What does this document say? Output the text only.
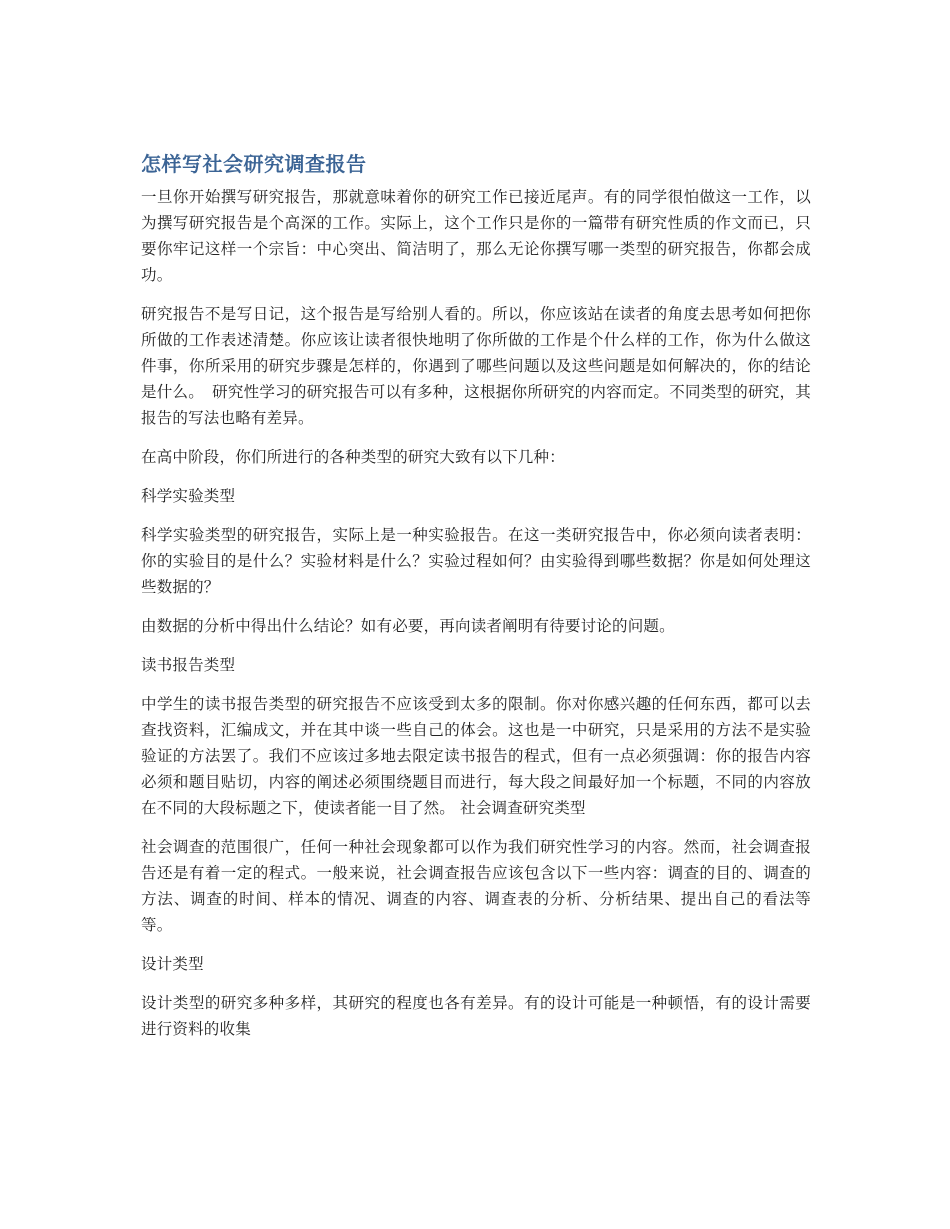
怎样写社会研究调查报告

一旦你开始撰写研究报告，那就意味着你的研究工作已接近尾声。有的同学很怕做这一工作，以为撰写研究报告是个高深的工作。实际上，这个工作只是你的一篇带有研究性质的作文而已，只要你牢记这样一个宗旨：中心突出、简洁明了，那么无论你撰写哪一类型的研究报告，你都会成功。

研究报告不是写日记，这个报告是写给别人看的。所以，你应该站在读者的角度去思考如何把你所做的工作表述清楚。你应该让读者很快地明了你所做的工作是个什么样的工作，你为什么做这件事，你所采用的研究步骤是怎样的，你遇到了哪些问题以及这些问题是如何解决的，你的结论是什么。　研究性学习的研究报告可以有多种，这根据你所研究的内容而定。不同类型的研究，其报告的写法也略有差异。

在高中阶段，你们所进行的各种类型的研究大致有以下几种：

科学实验类型

科学实验类型的研究报告，实际上是一种实验报告。在这一类研究报告中，你必须向读者表明：你的实验目的是什么？实验材料是什么？实验过程如何？由实验得到哪些数据？你是如何处理这些数据的？

由数据的分析中得出什么结论？如有必要，再向读者阐明有待要讨论的问题。

读书报告类型

中学生的读书报告类型的研究报告不应该受到太多的限制。你对你感兴趣的任何东西，都可以去查找资料，汇编成文，并在其中谈一些自己的体会。这也是一中研究，只是采用的方法不是实验验证的方法罢了。我们不应该过多地去限定读书报告的程式，但有一点必须强调：你的报告内容必须和题目贴切，内容的阐述必须围绕题目而进行，每大段之间最好加一个标题，不同的内容放在不同的大段标题之下，使读者能一目了然。 社会调查研究类型

社会调查的范围很广，任何一种社会现象都可以作为我们研究性学习的内容。然而，社会调查报告还是有着一定的程式。一般来说，社会调查报告应该包含以下一些内容：调查的目的、调查的方法、调查的时间、样本的情况、调查的内容、调查表的分析、分析结果、提出自己的看法等等。

设计类型

设计类型的研究多种多样，其研究的程度也各有差异。有的设计可能是一种顿悟，有的设计需要进行资料的收集
